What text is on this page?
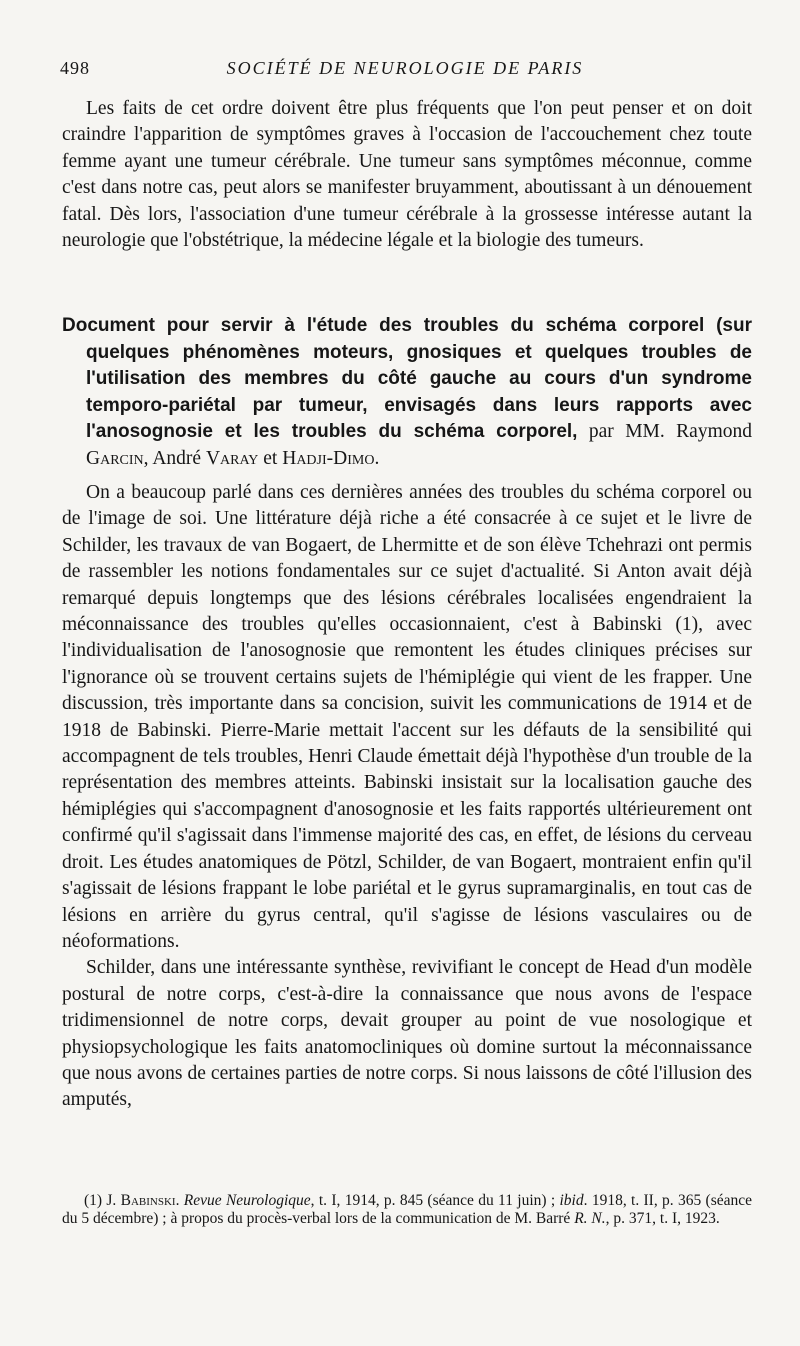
498	SOCIÉTÉ DE NEUROLOGIE DE PARIS

Les faits de cet ordre doivent être plus fréquents que l'on peut penser et on doit craindre l'apparition de symptômes graves à l'occasion de l'accouchement chez toute femme ayant une tumeur cérébrale. Une tumeur sans symptômes méconnue, comme c'est dans notre cas, peut alors se manifester bruyamment, aboutissant à un dénouement fatal. Dès lors, l'association d'une tumeur cérébrale à la grossesse intéresse autant la neurologie que l'obstétrique, la médecine légale et la biologie des tumeurs.

Document pour servir à l'étude des troubles du schéma corporel (sur quelques phénomènes moteurs, gnosiques et quelques troubles de l'utilisation des membres du côté gauche au cours d'un syndrome temporo-pariétal par tumeur, envisagés dans leurs rapports avec l'anosognosie et les troubles du schéma corporel, par MM. Raymond Garcin, André Varay et Hadji-Dimo.

On a beaucoup parlé dans ces dernières années des troubles du schéma corporel ou de l'image de soi. Une littérature déjà riche a été consacrée à ce sujet et le livre de Schilder, les travaux de van Bogaert, de Lhermitte et de son élève Tchehrazi ont permis de rassembler les notions fondamentales sur ce sujet d'actualité. Si Anton avait déjà remarqué depuis longtemps que des lésions cérébrales localisées engendraient la méconnaissance des troubles qu'elles occasionnaient, c'est à Babinski (1), avec l'individualisation de l'anosognosie que remontent les études cliniques précises sur l'ignorance où se trouvent certains sujets de l'hémiplégie qui vient de les frapper. Une discussion, très importante dans sa concision, suivit les communications de 1914 et de 1918 de Babinski. Pierre-Marie mettait l'accent sur les défauts de la sensibilité qui accompagnent de tels troubles, Henri Claude émettait déjà l'hypothèse d'un trouble de la représentation des membres atteints. Babinski insistait sur la localisation gauche des hémiplégies qui s'accompagnent d'anosognosie et les faits rapportés ultérieurement ont confirmé qu'il s'agissait dans l'immense majorité des cas, en effet, de lésions du cerveau droit. Les études anatomiques de Pötzl, Schilder, de van Bogaert, montraient enfin qu'il s'agissait de lésions frappant le lobe pariétal et le gyrus supramarginalis, en tout cas de lésions en arrière du gyrus central, qu'il s'agisse de lésions vasculaires ou de néoformations.

Schilder, dans une intéressante synthèse, revivifiant le concept de Head d'un modèle postural de notre corps, c'est-à-dire la connaissance que nous avons de l'espace tridimensionnel de notre corps, devait grouper au point de vue nosologique et physiopsychologique les faits anatomocliniques où domine surtout la méconnaissance que nous avons de certaines parties de notre corps. Si nous laissons de côté l'illusion des amputés,

(1) J. Babinski. Revue Neurologique, t. I, 1914, p. 845 (séance du 11 juin) ; ibid. 1918, t. II, p. 365 (séance du 5 décembre) ; à propos du procès-verbal lors de la communication de M. Barré R. N., p. 371, t. I, 1923.
